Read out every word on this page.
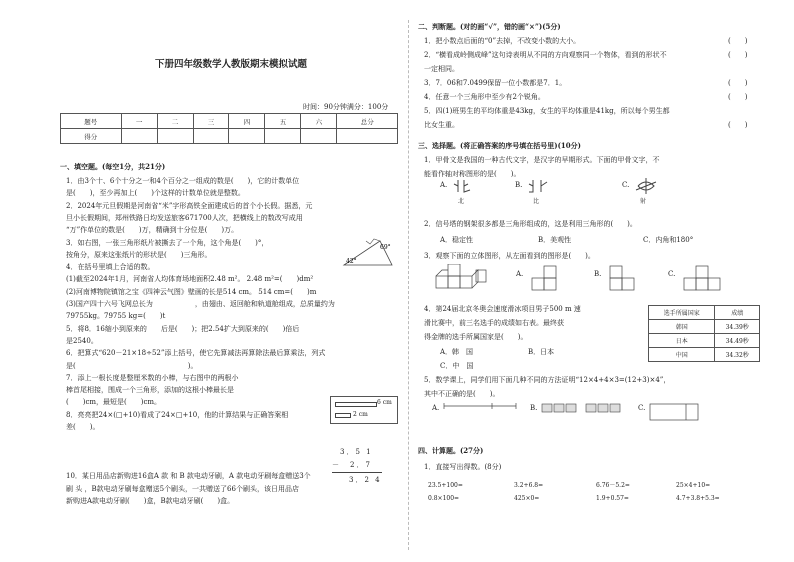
下册四年级数学人教版期末模拟试题
时间：90分钟满分：100分
题号	一	二	三	四	五	六	总分
得分							
一、填空题。(每空1分，共21分)
1．由3个十、6个十分之一和4个百分之一组成的数是(　　)，它的计数单位
是(　　)，至少再加上(　　)个这样的计数单位就是整数。
2．2024年元旦假期是河南省“米”字形高铁全面建成后的首个小长假。据悉，元
旦小长假期间，郑州铁路日均发送旅客671700人次，把横线上的数改写成用
“万”作单位的数是(　　)万，精确到十分位是(　　)万。
3．如右图，一张三角形纸片被撕去了一个角，这个角是(　　)°，
按角分，原来这张纸片的形状是(　　)三角形。
4．在括号里填上合适的数。
(1)截至2024年1月，河南省人均体育场地面积2.48 m²。 2.48 m²=(　　)dm²
(2)河南博物院镇馆之宝《四神云气图》壁画的长是514 cm。 514 cm=(　　)m
(3)国产四十六号飞网总长为　　　　　　，由翅由、返回舱和轨道舱组成，总质量约为
79755kg。79755 kg=(　　)t
5．将8．16缩小到原来的　　后是(　　)；把2.54扩大到原来的(　　)倍后
是2540。
6．把算式“620－21×18÷52”添上括号，使它先算减法再算除法最后算乘法，列式
是(　　　　　　　　　　　　　　　　)。
7．添上一根长度是整厘米数的小棒，与右图中的两根小
棒首尾相接，围成一个三角形，添加的这根小棒最长是
(　　)cm，最短是(　　)cm。
8．亮亮把24×(□+10)看成了24×□+10，他的计算结果与正确答案相
差(　　)。
10．某日用品店新购进16盒A 款 和 B 款电动牙刷，A 款电动牙刷每盒赠送3个
刷 头 ，B款电动牙刷每盒赠送5个刷头，一共赠送了66个刷头，该日用品店
新购进A款电动牙刷(　　)盒，B款电动牙刷(　　)盒。
69°
42°
6 cm
2 cm
3．5 1
－　2．7
　3．2 4
二、判断题。(对的画“√”，错的画“×”)(5分)
1．把小数点后面的“0”去掉，不改变小数的大小。
2．“横看成岭侧成峰”这句诗表明从不同的方向观察同一个物体，看到的形状不
一定相同。
3．7．06和7.0499保留一位小数都是7．1。
4．任意一个三角形中至少有2个锐角。
5．四(1)班男生的平均体重是43kg，女生的平均体重是41kg，所以每个男生都
比女生重。
(　　)
(　　)
(　　)
(　　)
(　　)
三、选择题。(将正确答案的序号填在括号里)(10分)
1．甲骨文是我国的一种古代文字，是汉字的早期形式。下面的甲骨文字，不
能看作轴对称图形的是(　　)。
A.
北
B.
比
C.
射
2．信号塔的钢架很多都是三角形组成的，这是利用三角形的(　　)。
A．稳定性	B．美观性	C．内角和180°
3．观察下面的立体图形，从左面看到的图形是(　　)。
A.	B.	C.
4．第24届北京冬奥会速度滑冰项目男子500 m 速
滑比赛中，前三名选手的成绩如右表。最终获
得金牌的选手所属国家是(　　)。
A．韩　国	B．日本
C．中　国
选手所属国家	成绩
韩国	34.39秒
日本	34.49秒
中国	34.32秒
5．数学课上，同学们用下面几种不同的方法证明“12×4+4×3=(12+3)×4”，
其中不正确的是(　　)。
A.	B.	C.
四、计算题。(27分)
1．直接写出得数。(8分)
23.5+100=	3.2+6.8=	6.76－5.2=	25×4+10=
0.8×100=	425×0=	1.9+0.57=	4.7+3.8+5.3=
